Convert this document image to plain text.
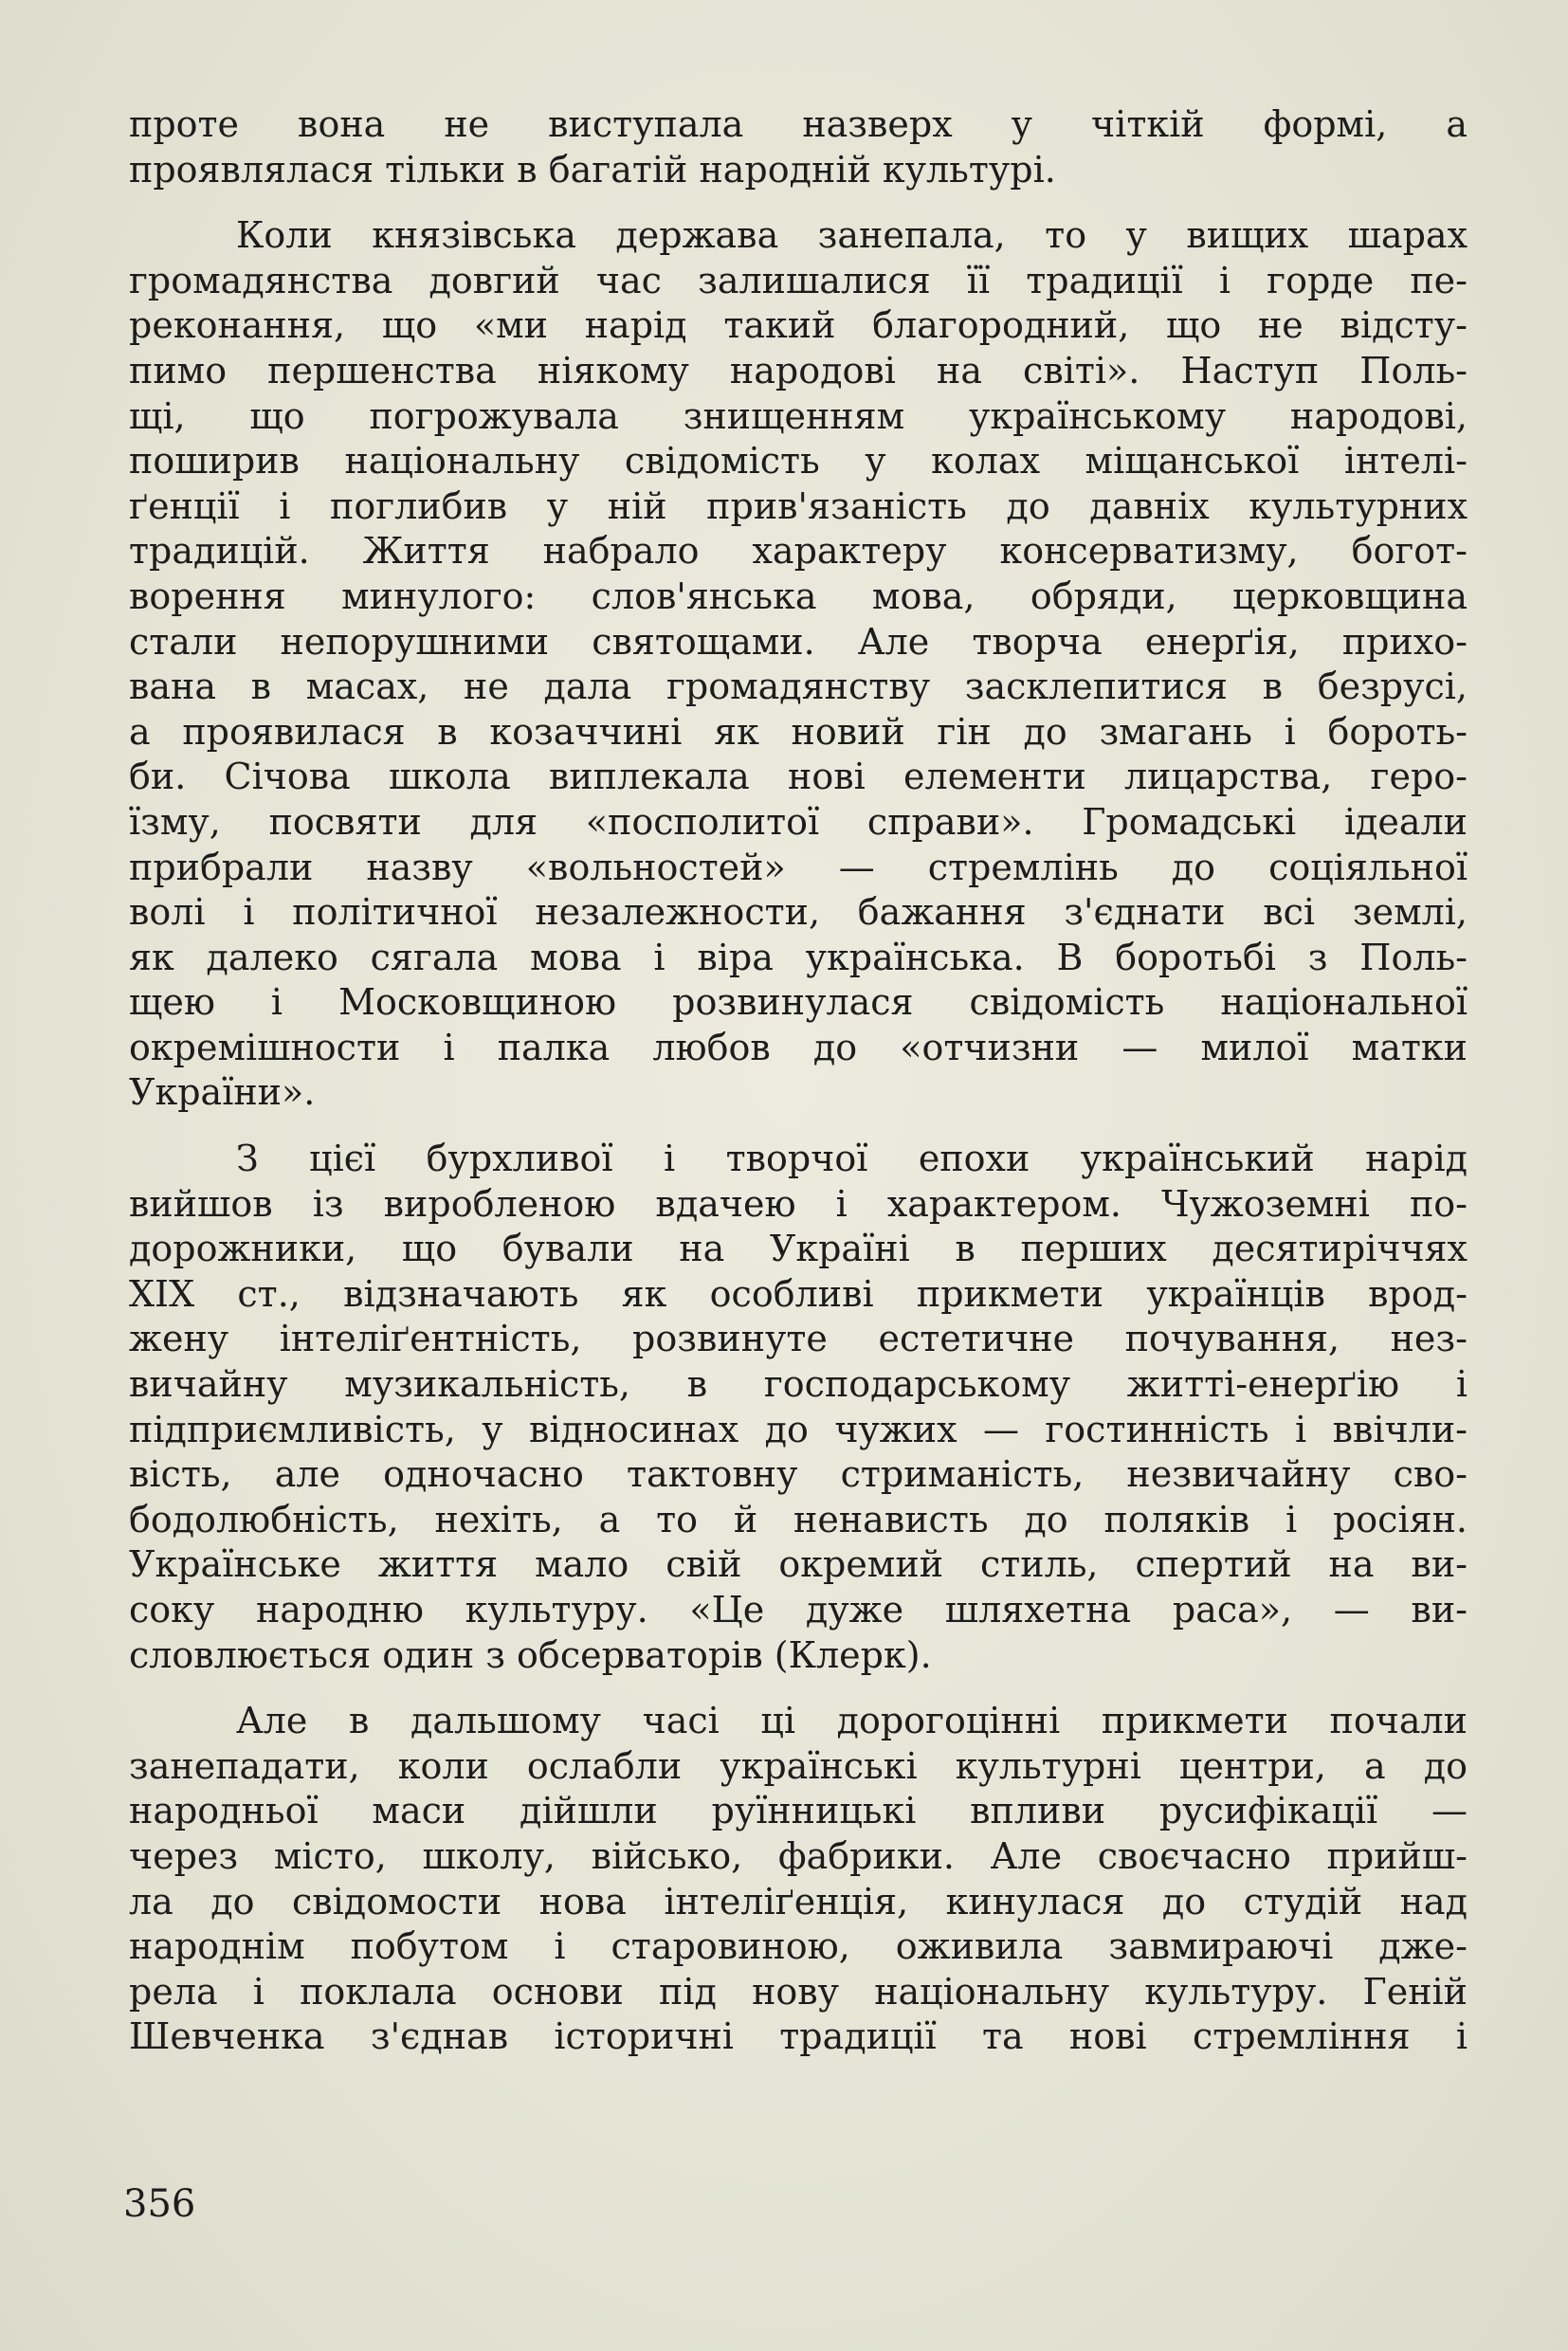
проте вона не виступала назверх у чіткій формі, а
проявлялася тільки в багатій народній культурі.
Коли князівська держава занепала, то у вищих шарах
громадянства довгий час залишалися її традиції і горде пе-
реконання, що «ми нарід такий благородний, що не відсту-
пимо першенства ніякому народові на світі». Наступ Поль-
щі, що погрожувала знищенням українському народові,
поширив національну свідомість у колах міщанської інтелі-
ґенції і поглибив у ній прив'язаність до давніх культурних
традицій. Життя набрало характеру консерватизму, богот-
ворення минулого: слов'янська мова, обряди, церковщина
стали непорушними святощами. Але творча енерґія, прихо-
вана в масах, не дала громадянству засклепитися в безрусі,
а проявилася в козаччині як новий гін до змагань і бороть-
би. Січова школа виплекала нові елементи лицарства, геро-
їзму, посвяти для «посполитої справи». Громадські ідеали
прибрали назву «вольностей» — стремлінь до соціяльної
волі і політичної незалежности, бажання з'єднати всі землі,
як далеко сягала мова і віра українська. В боротьбі з Поль-
щею і Московщиною розвинулася свідомість національної
окремішности і палка любов до «отчизни — милої матки
України».
З цієї бурхливої і творчої епохи український нарід
вийшов із виробленою вдачею і характером. Чужоземні по-
дорожники, що бували на Україні в перших десятиріччях
XIX ст., відзначають як особливі прикмети українців врод-
жену інтеліґентність, розвинуте естетичне почування, нез-
вичайну музикальність, в господарському житті-енерґію і
підприємливість, у відносинах до чужих — гостинність і ввічли-
вість, але одночасно тактовну стриманість, незвичайну сво-
бодолюбність, нехіть, а то й ненависть до поляків і росіян.
Українське життя мало свій окремий стиль, спертий на ви-
соку народню культуру. «Це дуже шляхетна раса», — ви-
словлюється один з обсерваторів (Клерк).
Але в дальшому часі ці дорогоцінні прикмети почали
занепадати, коли ослабли українські культурні центри, а до
народньої маси дійшли руїнницькі впливи русифікації —
через місто, школу, військо, фабрики. Але своєчасно прийш-
ла до свідомости нова інтеліґенція, кинулася до студій над
народнім побутом і старовиною, оживила завмираючі дже-
рела і поклала основи під нову національну культуру. Геній
Шевченка з'єднав історичні традиції та нові стремління і
356
